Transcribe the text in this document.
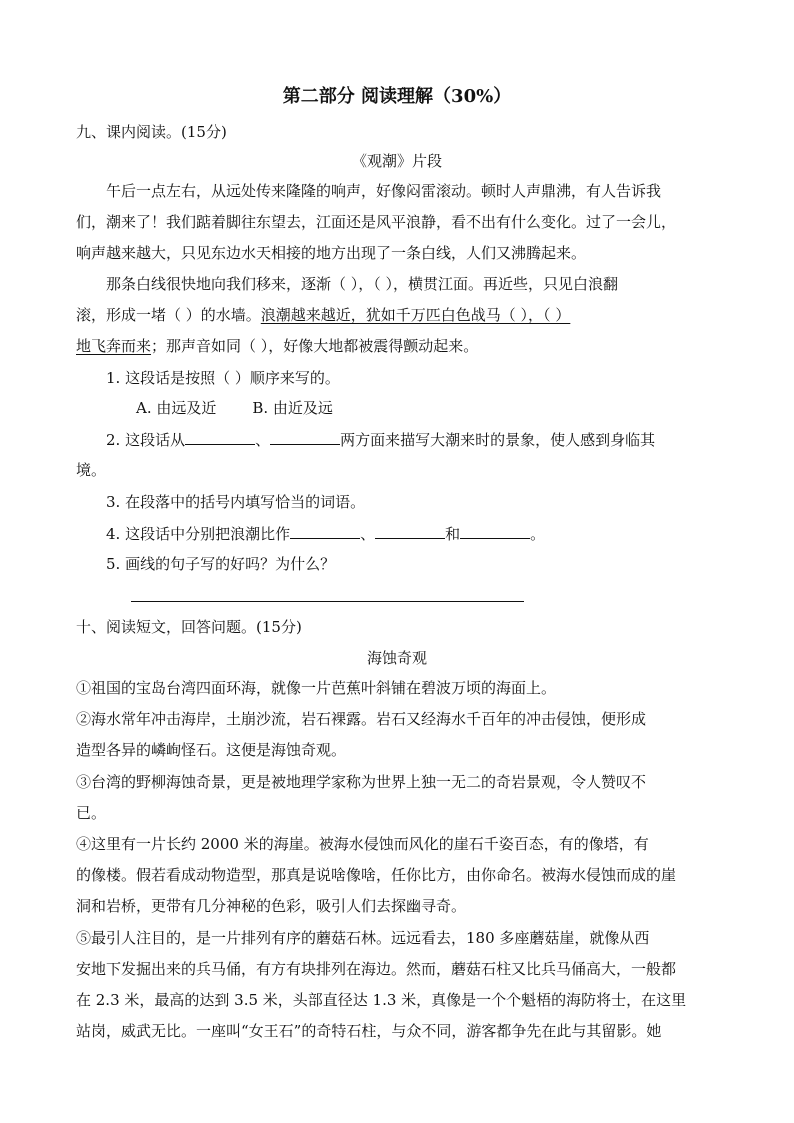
第二部分 阅读理解（30%）
九、课内阅读。(15分)
《观潮》片段
午后一点左右，从远处传来隆隆的响声，好像闷雷滚动。顿时人声鼎沸，有人告诉我
们，潮来了！我们踮着脚往东望去，江面还是风平浪静，看不出有什么变化。过了一会儿，
响声越来越大，只见东边水天相接的地方出现了一条白线，人们又沸腾起来。
那条白线很快地向我们移来，逐渐（ ），（ ），横贯江面。再近些，只见白浪翻
滚，形成一堵（ ）的水墙。浪潮越来越近，犹如千万匹白色战马（ ），（ ）
地飞奔而来；那声音如同（ ），好像大地都被震得颤动起来。
1. 这段话是按照（ ）顺序来写的。
A. 由远及近 B. 由近及远
2. 这段话从	、	两方面来描写大潮来时的景象，使人感到身临其
境。
3. 在段落中的括号内填写恰当的词语。
4. 这段话中分别把浪潮比作	、	和	。
5. 画线的句子写的好吗？为什么？
十、阅读短文，回答问题。(15分)
海蚀奇观
①祖国的宝岛台湾四面环海，就像一片芭蕉叶斜铺在碧波万顷的海面上。
②海水常年冲击海岸，土崩沙流，岩石裸露。岩石又经海水千百年的冲击侵蚀，便形成
造型各异的嶙峋怪石。这便是海蚀奇观。
③台湾的野柳海蚀奇景，更是被地理学家称为世界上独一无二的奇岩景观，令人赞叹不
已。
④这里有一片长约 2000 米的海崖。被海水侵蚀而风化的崖石千姿百态，有的像塔，有
的像楼。假若看成动物造型，那真是说啥像啥，任你比方，由你命名。被海水侵蚀而成的崖
洞和岩桥，更带有几分神秘的色彩，吸引人们去探幽寻奇。
⑤最引人注目的，是一片排列有序的蘑菇石林。远远看去，180 多座蘑菇崖，就像从西
安地下发掘出来的兵马俑，有方有块排列在海边。然而，蘑菇石柱又比兵马俑高大，一般都
在 2.3 米，最高的达到 3.5 米，头部直径达 1.3 米，真像是一个个魁梧的海防将士，在这里
站岗，威武无比。一座叫“女王石”的奇特石柱，与众不同，游客都争先在此与其留影。她
